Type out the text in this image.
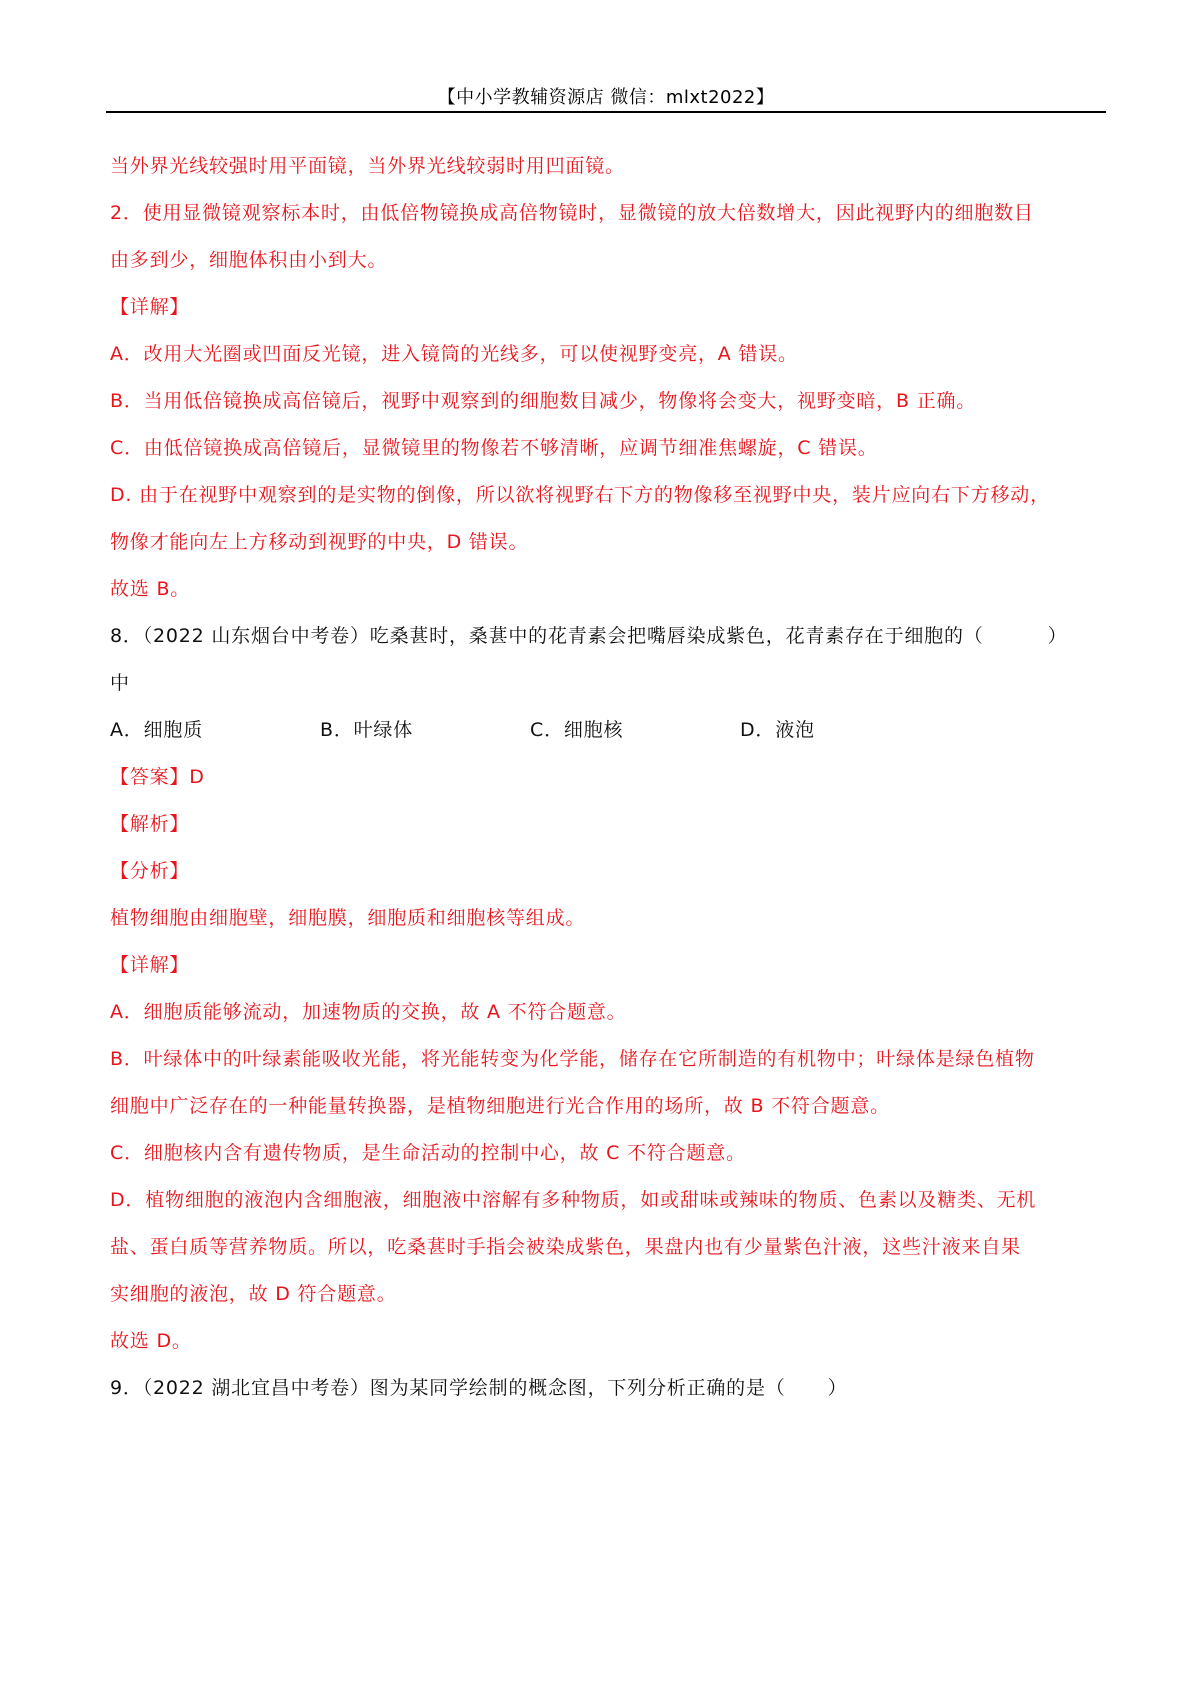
【中小学教辅资源店 微信：mlxt2022】
当外界光线较强时用平面镜，当外界光线较弱时用凹面镜。
2．使用显微镜观察标本时，由低倍物镜换成高倍物镜时，显微镜的放大倍数增大，因此视野内的细胞数目
由多到少，细胞体积由小到大。
【详解】
A．改用大光圈或凹面反光镜，进入镜筒的光线多，可以使视野变亮，A 错误。
B．当用低倍镜换成高倍镜后，视野中观察到的细胞数目减少，物像将会变大，视野变暗，B 正确。
C．由低倍镜换成高倍镜后，显微镜里的物像若不够清晰，应调节细准焦螺旋，C 错误。
D. 由于在视野中观察到的是实物的倒像，所以欲将视野右下方的物像移至视野中央，装片应向右下方移动，
物像才能向左上方移动到视野的中央，D 错误。
故选 B。
8．（2022 山东烟台中考卷）吃桑葚时，桑葚中的花青素会把嘴唇染成紫色，花青素存在于细胞的（	）
中
A．细胞质	B．叶绿体	C．细胞核	D．液泡
【答案】D
【解析】
【分析】
植物细胞由细胞壁，细胞膜，细胞质和细胞核等组成。
【详解】
A．细胞质能够流动，加速物质的交换，故 A 不符合题意。
B．叶绿体中的叶绿素能吸收光能，将光能转变为化学能，储存在它所制造的有机物中；叶绿体是绿色植物
细胞中广泛存在的一种能量转换器，是植物细胞进行光合作用的场所，故 B 不符合题意。
C．细胞核内含有遗传物质，是生命活动的控制中心，故 C 不符合题意。
D．植物细胞的液泡内含细胞液，细胞液中溶解有多种物质，如或甜味或辣味的物质、色素以及糖类、无机
盐、蛋白质等营养物质。所以，吃桑葚时手指会被染成紫色，果盘内也有少量紫色汁液，这些汁液来自果
实细胞的液泡，故 D 符合题意。
故选 D。
9．（2022 湖北宜昌中考卷）图为某同学绘制的概念图，下列分析正确的是（ ）
